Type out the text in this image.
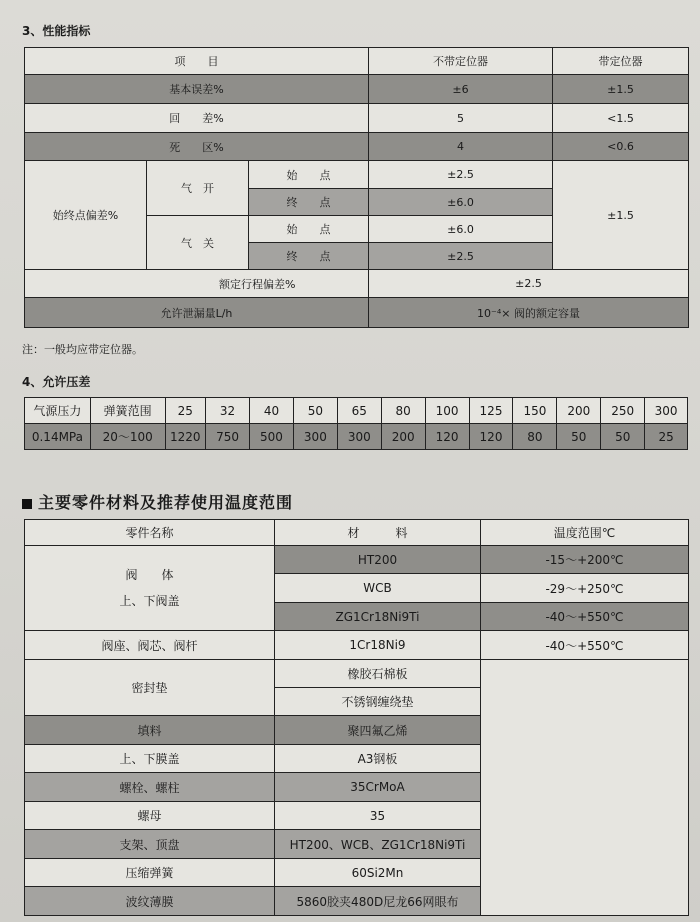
3、性能指标
项　　目			不带定位器	带定位器
基本误差%			±6	±1.5
回　　差%			5	<1.5
死　　区%			4	<0.6
始终点偏差%	气　开	始　　点	±2.5	±1.5
		终　　点	±6.0	
	气　关	始　　点	±6.0	
		终　　点	±2.5	
	额定行程偏差%		±2.5	
允许泄漏量L/h			10⁻⁴× 阀的额定容量	
注：一般均应带定位器。
4、允许压差
气源压力	弹簧范围	25	32	40	50	65	80	100	125	150	200	250	300
0.14MPa	20～100	1220	750	500	300	300	200	120	120	80	50	50	25
主要零件材料及推荐使用温度范围
零件名称	材　　　料	温度范围℃

阀　　体
上、下阀盖	HT200	-15～+200℃
	WCB	-29～+250℃
	ZG1Cr18Ni9Ti	-40～+550℃
阀座、阀芯、阀杆	1Cr18Ni9	-40～+550℃
密封垫	橡胶石棉板	
	不锈钢缠绕垫	
填料	聚四氟乙烯	
上、下膜盖	A3钢板	
螺栓、螺柱	35CrMoA	
螺母	35	
支架、顶盘	HT200、WCB、ZG1Cr18Ni9Ti	
压缩弹簧	60Si2Mn	
波纹薄膜	5860胶夹480D尼龙66网眼布	
